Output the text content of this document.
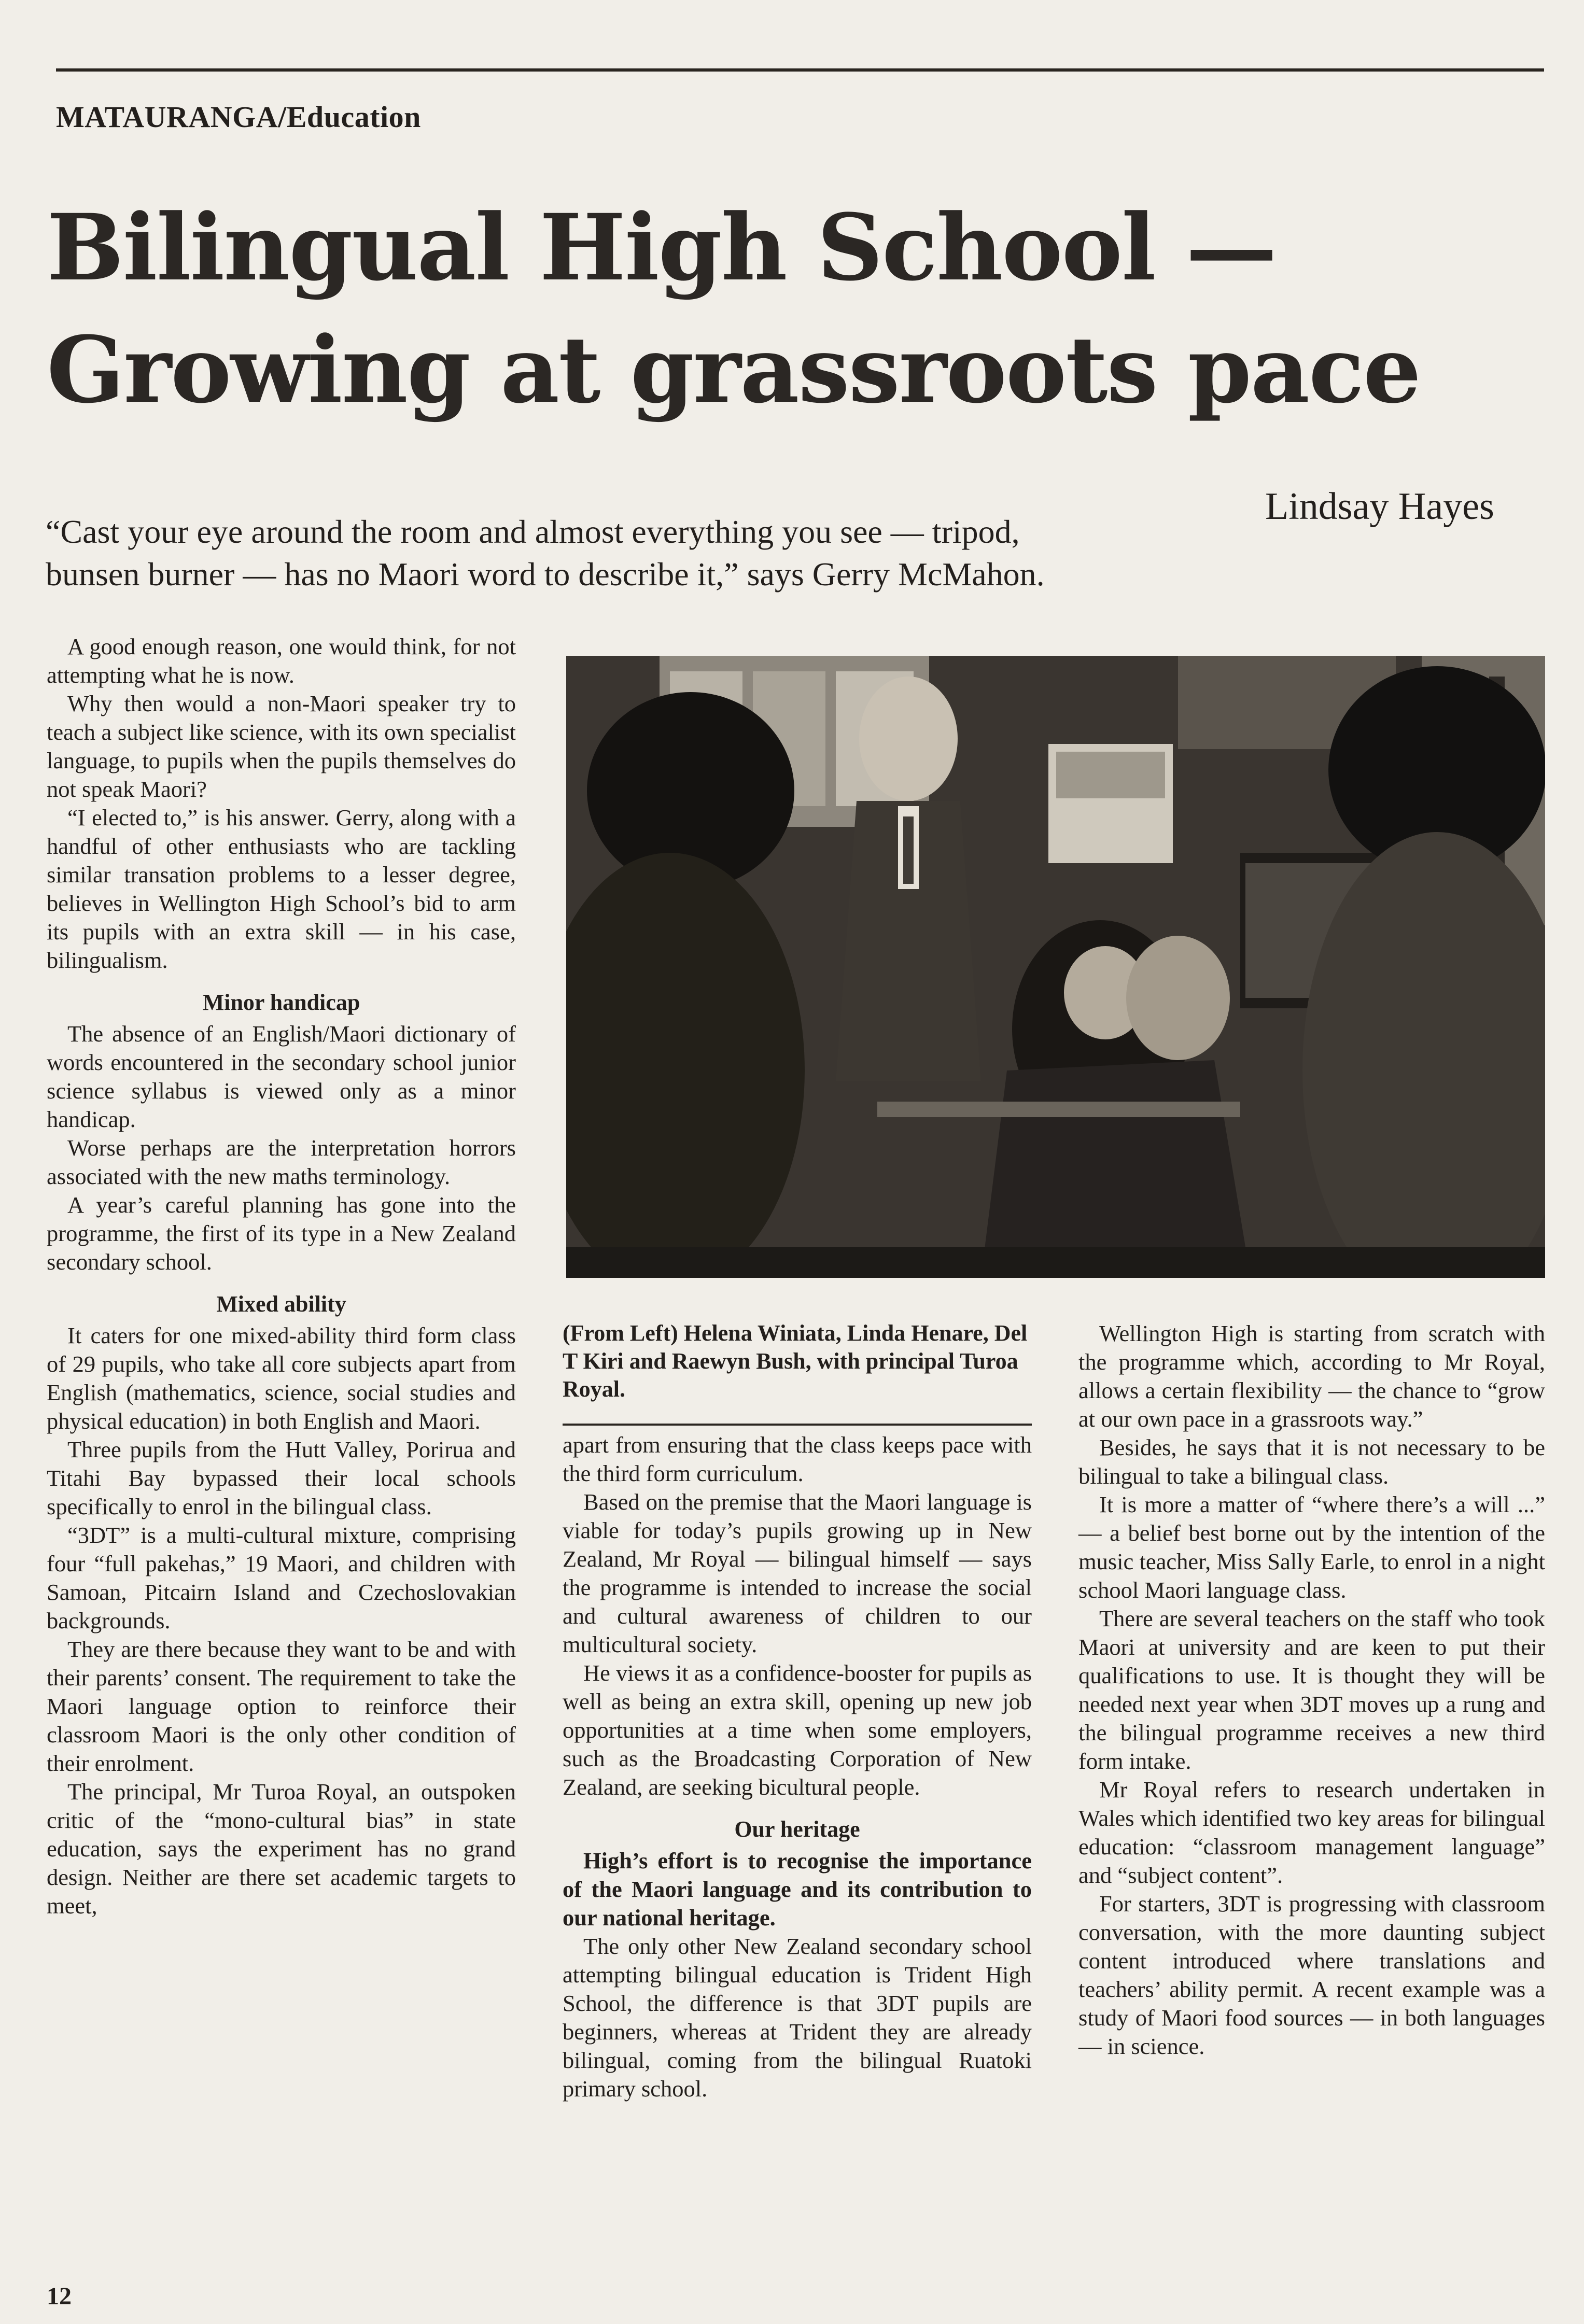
MATAURANGA/Education
Bilingual High School —
Growing at grassroots pace
Lindsay Hayes
“Cast your eye around the room and almost everything you see — tripod, bunsen burner — has no Maori word to describe it,” says Gerry McMahon.

A good enough reason, one would think, for not attempting what he is now.

Why then would a non-Maori speaker try to teach a subject like science, with its own specialist language, to pupils when the pupils themselves do not speak Maori?

“I elected to,” is his answer. Gerry, along with a handful of other enthusiasts who are tackling similar transation problems to a lesser degree, believes in Wellington High School’s bid to arm its pupils with an extra skill — in his case, bilingualism.

Minor handicap

The absence of an English/Maori dictionary of words encountered in the secondary school junior science syllabus is viewed only as a minor handicap.

Worse perhaps are the interpretation horrors associated with the new maths terminology.

A year’s careful planning has gone into the programme, the first of its type in a New Zealand secondary school.

Mixed ability

It caters for one mixed-ability third form class of 29 pupils, who take all core subjects apart from English (mathematics, science, social studies and physical education) in both English and Maori.

Three pupils from the Hutt Valley, Porirua and Titahi Bay bypassed their local schools specifically to enrol in the bilingual class.

“3DT” is a multi-cultural mixture, comprising four “full pakehas,” 19 Maori, and children with Samoan, Pitcairn Island and Czechoslovakian backgrounds.

They are there because they want to be and with their parents’ consent. The requirement to take the Maori language option to reinforce their classroom Maori is the only other condition of their enrolment.

The principal, Mr Turoa Royal, an outspoken critic of the “mono-cultural bias” in state education, says the experiment has no grand design. Neither are there set academic targets to meet,

(From Left) Helena Winiata, Linda Henare, Del T Kiri and Raewyn Bush, with principal Turoa Royal.

apart from ensuring that the class keeps pace with the third form curriculum.

Based on the premise that the Maori language is viable for today’s pupils growing up in New Zealand, Mr Royal — bilingual himself — says the programme is intended to increase the social and cultural awareness of children to our multicultural society.

He views it as a confidence-booster for pupils as well as being an extra skill, opening up new job opportunities at a time when some employers, such as the Broadcasting Corporation of New Zealand, are seeking bicultural people.

Our heritage

High’s effort is to recognise the importance of the Maori language and its contribution to our national heritage.

The only other New Zealand secondary school attempting bilingual education is Trident High School, the difference is that 3DT pupils are beginners, whereas at Trident they are already bilingual, coming from the bilingual Ruatoki primary school.

Wellington High is starting from scratch with the programme which, according to Mr Royal, allows a certain flexibility — the chance to “grow at our own pace in a grassroots way.”

Besides, he says that it is not necessary to be bilingual to take a bilingual class.

It is more a matter of “where there’s a will ...” — a belief best borne out by the intention of the music teacher, Miss Sally Earle, to enrol in a night school Maori language class.

There are several teachers on the staff who took Maori at university and are keen to put their qualifications to use. It is thought they will be needed next year when 3DT moves up a rung and the bilingual programme receives a new third form intake.

Mr Royal refers to research undertaken in Wales which identified two key areas for bilingual education: “classroom management language” and “subject content”.

For starters, 3DT is progressing with classroom conversation, with the more daunting subject content introduced where translations and teachers’ ability permit. A recent example was a study of Maori food sources — in both languages — in science.

12
